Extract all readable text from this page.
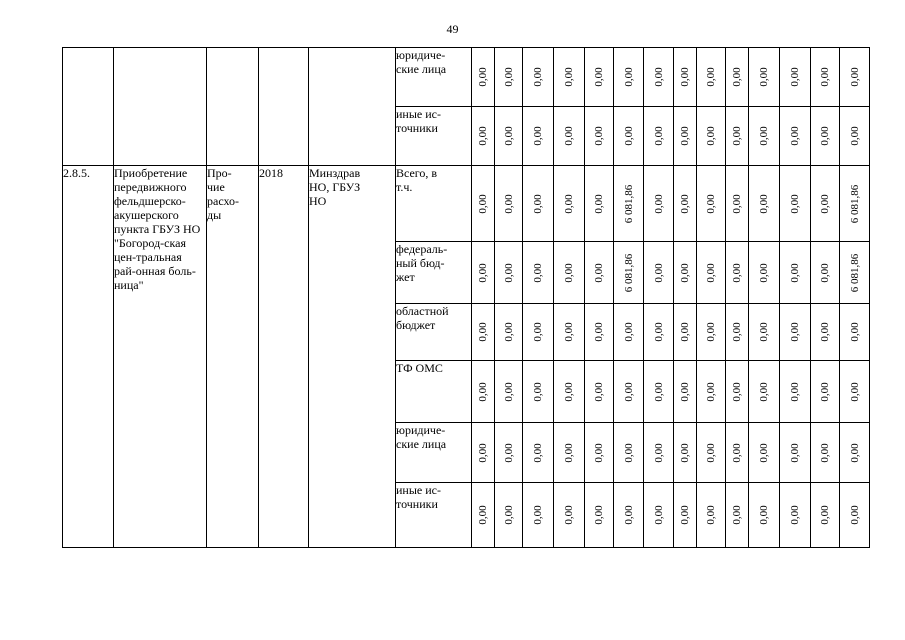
49
					юридиче-
ские лица	0,00	0,00	0,00	0,00	0,00	0,00	0,00	0,00	0,00	0,00	0,00	0,00	0,00	0,00

					иные ис-
точники	0,00	0,00	0,00	0,00	0,00	0,00	0,00	0,00	0,00	0,00	0,00	0,00	0,00	0,00

2.8.5.	Приобретение передвижного фельдшерско-акушерского пункта ГБУЗ НО "Богород-ская цен-тральная рай-онная боль-ница"	Про-
чие
расхо-
ды	2018	Минздрав
НО, ГБУЗ
НО	Всего, в
т.ч.	0,00	0,00	0,00	0,00	0,00	6 081,86	0,00	0,00	0,00	0,00	0,00	0,00	0,00	6 081,86

					федераль-
ный бюд-
жет	0,00	0,00	0,00	0,00	0,00	6 081,86	0,00	0,00	0,00	0,00	0,00	0,00	0,00	6 081,86

					областной
бюджет	0,00	0,00	0,00	0,00	0,00	0,00	0,00	0,00	0,00	0,00	0,00	0,00	0,00	0,00

					ТФ ОМС	0,00	0,00	0,00	0,00	0,00	0,00	0,00	0,00	0,00	0,00	0,00	0,00	0,00	0,00

					юридиче-
ские лица	0,00	0,00	0,00	0,00	0,00	0,00	0,00	0,00	0,00	0,00	0,00	0,00	0,00	0,00

					иные ис-
точники	0,00	0,00	0,00	0,00	0,00	0,00	0,00	0,00	0,00	0,00	0,00	0,00	0,00	0,00
